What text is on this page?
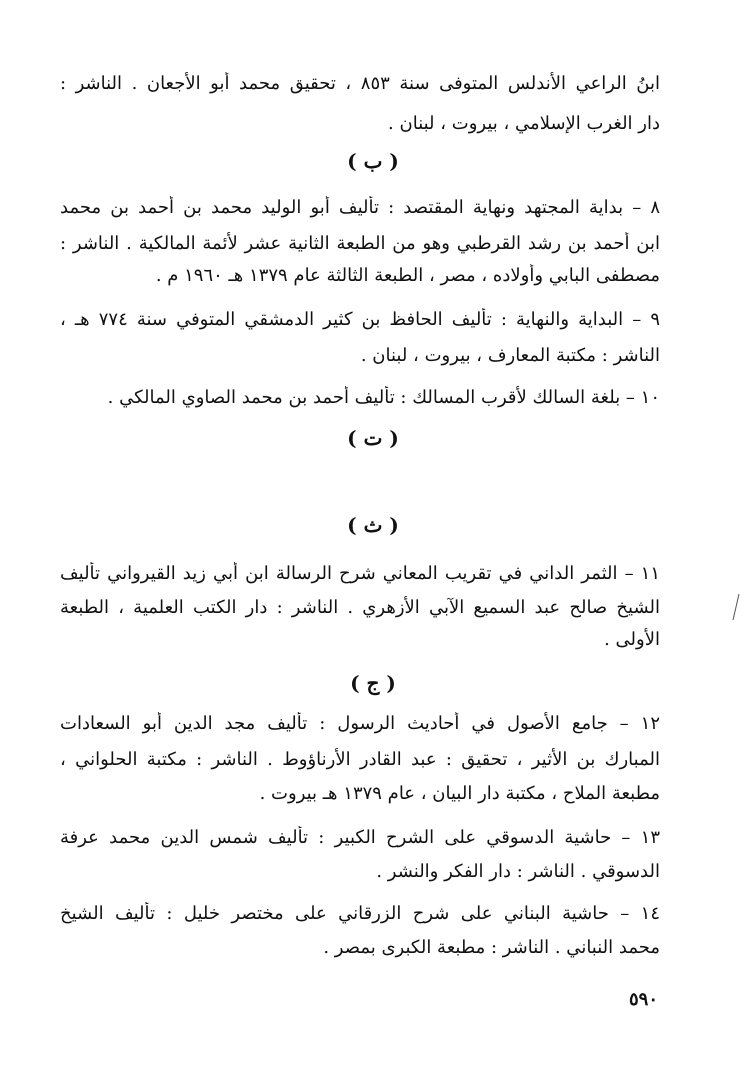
ابنُ الراعي الأندلس المتوفى سنة ٨٥٣ ، تحقيق محمد أبو الأجعان . الناشر :
دار الغرب الإسلامي ، بيروت ، لبنان .
( ب )
٨ – بداية المجتهد ونهاية المقتصد : تأليف أبو الوليد محمد بن أحمد بن محمد
ابن أحمد بن رشد القرطبي وهو من الطبعة الثانية عشر لأئمة المالكية . الناشر :
مصطفى البابي وأولاده ، مصر ، الطبعة الثالثة عام ١٣٧٩ هـ ١٩٦٠ م .
٩ – البداية والنهاية : تأليف الحافظ بن كثير الدمشقي المتوفي سنة ٧٧٤ هـ ،
الناشر : مكتبة المعارف ، بيروت ، لبنان .
١٠ – بلغة السالك لأقرب المسالك : تأليف أحمد بن محمد الصاوي المالكي .
( ت )
( ث )
١١ – الثمر الداني في تقريب المعاني شرح الرسالة ابن أبي زيد القيرواني تأليف
الشيخ صالح عبد السميع الآبي الأزهري . الناشر : دار الكتب العلمية ، الطبعة
الأولى .
( ج )
١٢ – جامع الأصول في أحاديث الرسول : تأليف مجد الدين أبو السعادات
المبارك بن الأثير ، تحقيق : عبد القادر الأرناؤوط . الناشر : مكتبة الحلواني ،
مطبعة الملاح ، مكتبة دار البيان ، عام ١٣٧٩ هـ بيروت .
١٣ – حاشية الدسوقي على الشرح الكبير : تأليف شمس الدين محمد عرفة
الدسوقي . الناشر : دار الفكر والنشر .
١٤ – حاشية البناني على شرح الزرقاني على مختصر خليل : تأليف الشيخ
محمد النباني . الناشر : مطبعة الكبرى بمصر .
٥٩٠
